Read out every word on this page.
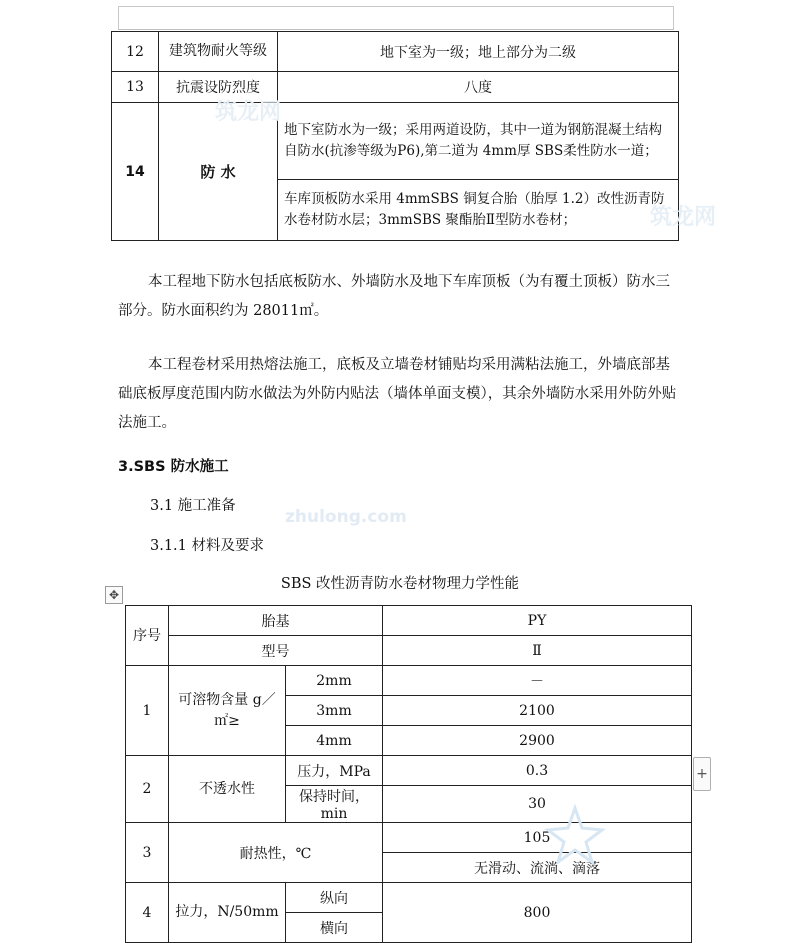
12	建筑物耐火等级	地下室为一级；地上部分为二级
13	抗震设防烈度	八度
14	防 水	地下室防水为一级；采用两道设防，其中一道为钢筋混凝土结构自防水(抗渗等级为P6),第二道为 4mm厚 SBS柔性防水一道；
		车库顶板防水采用 4mmSBS 铜复合胎（胎厚 1.2）改性沥青防水卷材防水层；3mmSBS 聚酯胎Ⅱ型防水卷材；
筑龙网
筑龙网

本工程地下防水包括底板防水、外墙防水及地下车库顶板（为有覆土顶板）防水三部分。防水面积约为 28011㎡。

本工程卷材采用热熔法施工，底板及立墙卷材铺贴均采用满粘法施工，外墙底部基础底板厚度范围内防水做法为外防内贴法（墙体单面支模），其余外墙防水采用外防外贴法施工。

3.SBS 防水施工
3.1 施工准备
zhulong.com
3.1.1 材料及要求
SBS 改性沥青防水卷材物理力学性能
✥
序号	胎基		PY
	型号		Ⅱ
1	可溶物含量 g／㎡≥	2mm	－
		3mm	2100
		4mm	2900
2	不透水性	压力，MPa	0.3
		保持时间，min	30
3	耐热性，℃		105
			无滑动、流淌、滴落
4	拉力，N/50mm	纵向	800
		横向	
+
